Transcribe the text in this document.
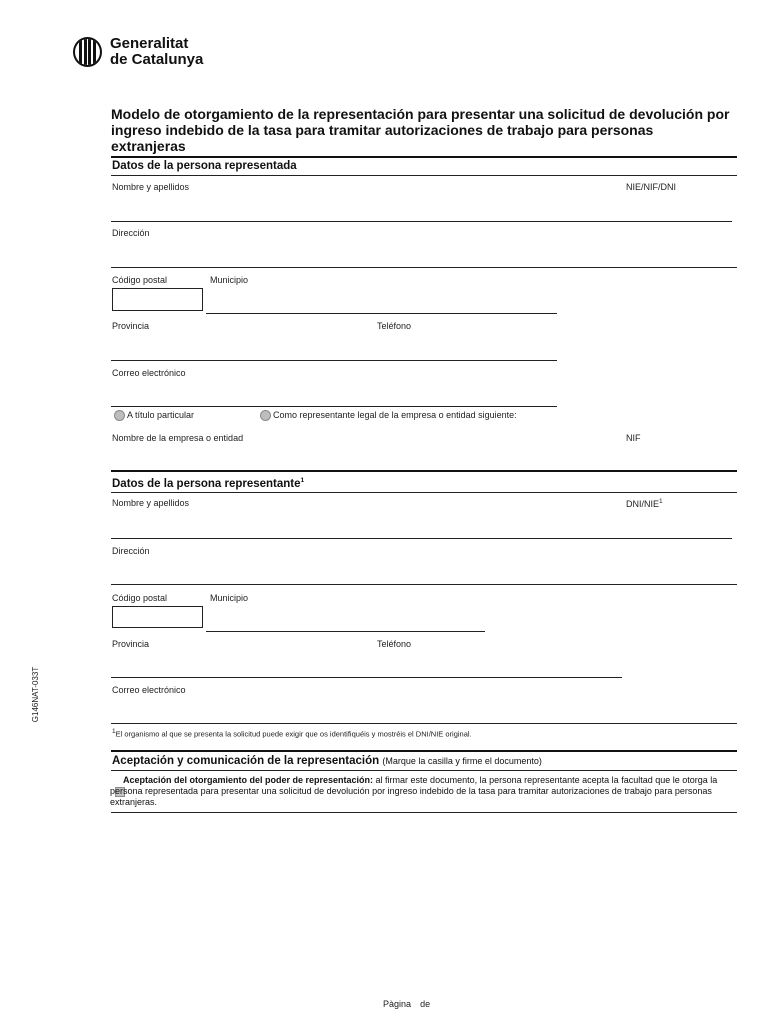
Generalitat
de Catalunya
G146NAT-033T
Modelo de otorgamiento de la representación para presentar una solicitud de devolución por ingreso indebido de la tasa para tramitar autorizaciones de trabajo para personas extranjeras
Datos de la persona representada
Nombre y apellidos	NIE/NIF/DNI
Dirección
Código postal	Municipio
Provincia	Teléfono
Correo electrónico
A título particular	Como representante legal de la empresa o entidad siguiente:
Nombre de la empresa o entidad	NIF
Datos de la persona representante$^1$
Nombre y apellidos	DNI/NIE$^1$
Dirección
Código postal	Municipio
Provincia	Teléfono
Correo electrónico
$^1$El organismo al que se presenta la solicitud puede exigir que os identifiquéis y mostréis el DNI/NIE original.
Aceptación y comunicación de la representación (Marque la casilla y firme el documento)
Aceptación del otorgamiento del poder de representación: al firmar este documento, la persona representante acepta la facultad que le otorga la persona representada para presentar una solicitud de devolución por ingreso indebido de la tasa para tramitar autorizaciones de trabajo para personas extranjeras.
Pàgina de
